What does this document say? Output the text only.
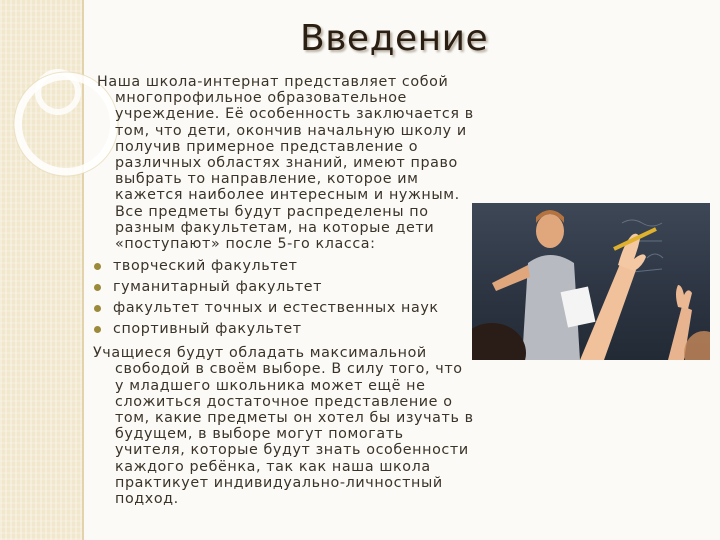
Введение

Наша школа-интернат представляет собой многопрофильное образовательное учреждение. Её особенность заключается в том, что дети, окончив начальную школу и получив примерное представление о различных областях знаний, имеют право выбрать то направление, которое им кажется наиболее интересным и нужным. Все предметы будут распределены по разным факультетам, на которые дети «поступают» после 5-го класса:

творческий факультет
гуманитарный факультет
факультет точных и естественных наук
спортивный факультет

Учащиеся будут обладать максимальной свободой в своём выборе. В силу того, что у младшего школьника может ещё не сложиться достаточное представление о том, какие предметы он хотел бы изучать в будущем, в выборе могут помогать учителя, которые будут знать особенности каждого ребёнка, так как наша школа практикует индивидуально-личностный подход.
